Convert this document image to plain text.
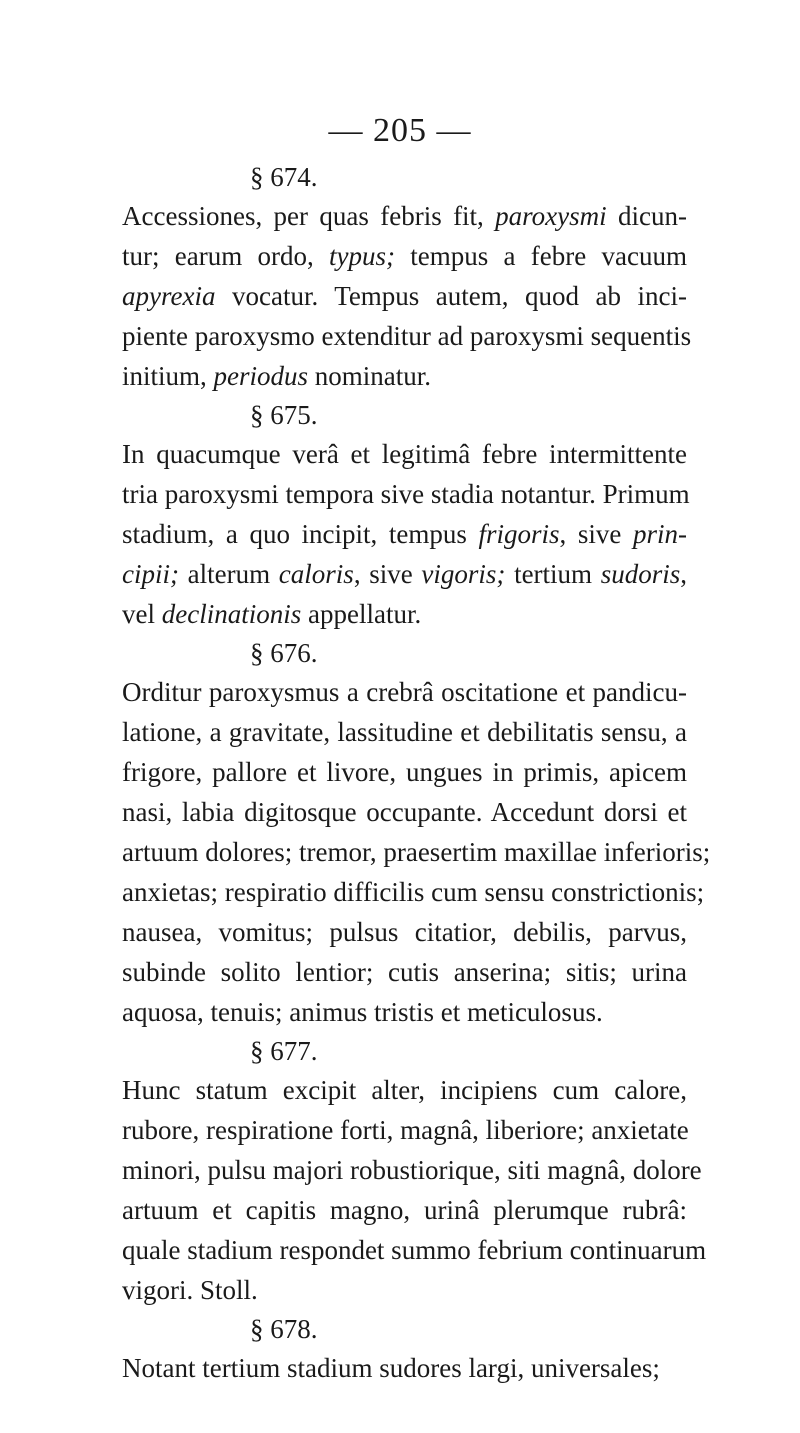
— 205 —
§ 674.
Accessiones, per quas febris fit, paroxysmi dicun-
tur; earum ordo, typus; tempus a febre vacuum
apyrexia vocatur. Tempus autem, quod ab inci-
piente paroxysmo extenditur ad paroxysmi sequentis
initium, periodus nominatur.
§ 675.
In quacumque verâ et legitimâ febre intermittente
tria paroxysmi tempora sive stadia notantur. Primum
stadium, a quo incipit, tempus frigoris, sive prin-
cipii; alterum caloris, sive vigoris; tertium sudoris,
vel declinationis appellatur.
§ 676.
Orditur paroxysmus a crebrâ oscitatione et pandicu-
latione, a gravitate, lassitudine et debilitatis sensu, a
frigore, pallore et livore, ungues in primis, apicem
nasi, labia digitosque occupante. Accedunt dorsi et
artuum dolores; tremor, praesertim maxillae inferioris;
anxietas; respiratio difficilis cum sensu constrictionis;
nausea, vomitus; pulsus citatior, debilis, parvus,
subinde solito lentior; cutis anserina; sitis; urina
aquosa, tenuis; animus tristis et meticulosus.
§ 677.
Hunc statum excipit alter, incipiens cum calore,
rubore, respiratione forti, magnâ, liberiore; anxietate
minori, pulsu majori robustiorique, siti magnâ, dolore
artuum et capitis magno, urinâ plerumque rubrâ:
quale stadium respondet summo febrium continuarum
vigori. Stoll.
§ 678.
Notant tertium stadium sudores largi, universales;
